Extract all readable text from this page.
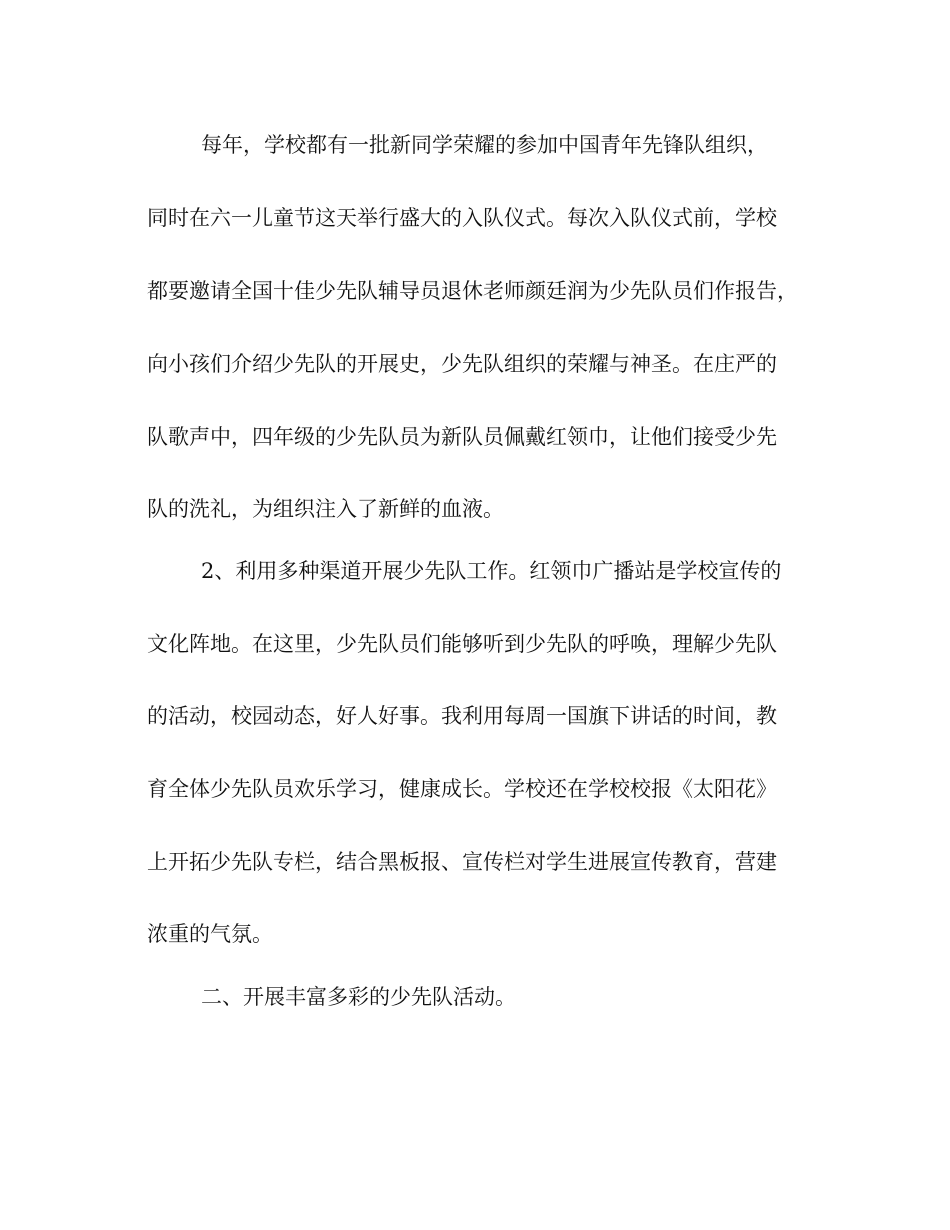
每年，学校都有一批新同学荣耀的参加中国青年先锋队组织，
同时在六一儿童节这天举行盛大的入队仪式。每次入队仪式前，学校
都要邀请全国十佳少先队辅导员退休老师颜廷润为少先队员们作报告，
向小孩们介绍少先队的开展史，少先队组织的荣耀与神圣。在庄严的
队歌声中，四年级的少先队员为新队员佩戴红领巾，让他们接受少先
队的洗礼，为组织注入了新鲜的血液。
2、利用多种渠道开展少先队工作。红领巾广播站是学校宣传的
文化阵地。在这里，少先队员们能够听到少先队的呼唤，理解少先队
的活动，校园动态，好人好事。我利用每周一国旗下讲话的时间，教
育全体少先队员欢乐学习，健康成长。学校还在学校校报《太阳花》
上开拓少先队专栏，结合黑板报、宣传栏对学生进展宣传教育，营建
浓重的气氛。
二、开展丰富多彩的少先队活动。
